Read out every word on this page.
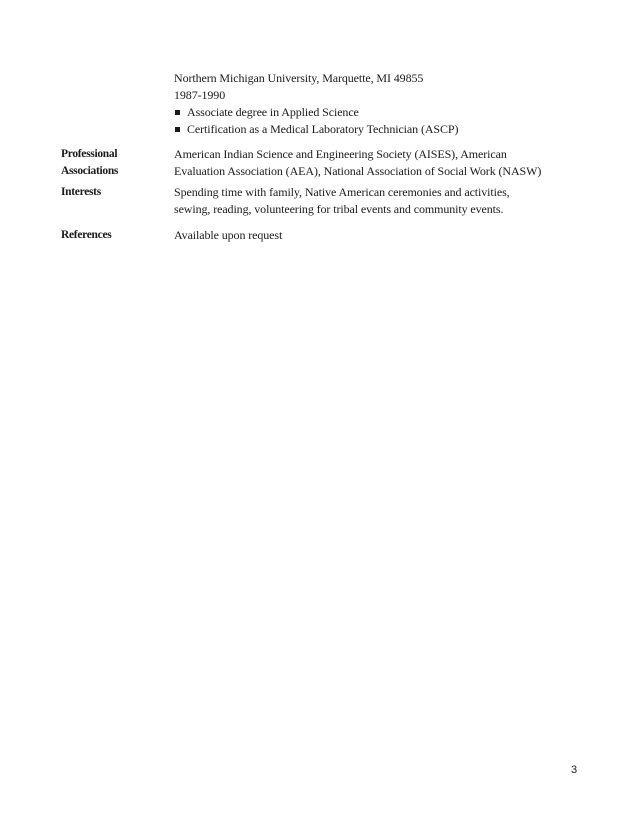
Northern Michigan University, Marquette, MI 49855
1987-1990
Associate degree in Applied Science
Certification as a Medical Laboratory Technician (ASCP)
Professional
Associations
American Indian Science and Engineering Society (AISES), American
Evaluation Association (AEA), National Association of Social Work (NASW)
Interests	Spending time with family, Native American ceremonies and activities,
sewing, reading, volunteering for tribal events and community events.
References	Available upon request
3
